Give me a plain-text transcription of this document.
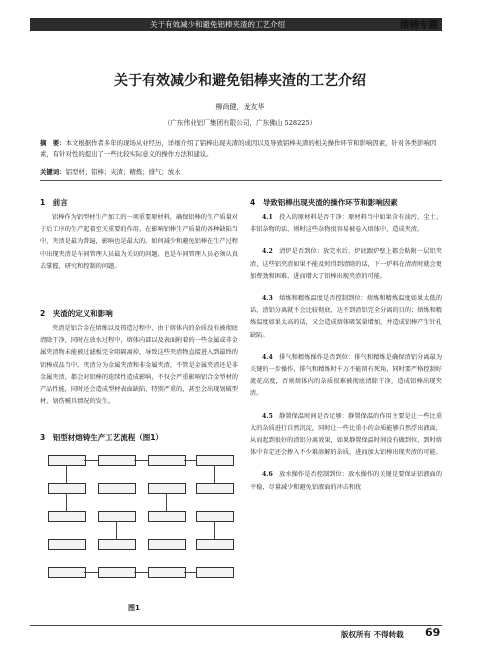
关于有效减少和避免铝棒夹渣的工艺介绍	熔铸专题
关于有效减少和避免铝棒夹渣的工艺介绍
柳尚健，龙友华
（广东伟业铝厂集团有限公司，广东佛山 528225）
摘　要：本文根据作者多年的现场从业经历，详细介绍了铝棒出现夹渣的成因以及导致铝棒夹渣的相关操作环节和影响因素，针对各类影响因素，有针对性的提出了一些比较实际意义的操作方法和建议。
关键词：铝型材；铝棒；夹渣；精炼；排气；放水
1　前言

铝棒作为铝型材生产加工的一项重要原材料，确保铝棒的生产质量对于后工序的生产起着至关重要的作用。在影响铝棒生产质量的各种缺陷当中，夹渣是最为普遍，影响也是最大的。如何减少和避免铝棒在生产过程中出现夹渣是车间管理人员最为关切的问题，也是车间管理人员必须认真去掌握、研究和控制的问题。

2　夹渣的定义和影响

夹渣是铝合金在熔炼以及铸造过程中，由于熔体内的杂质没有被彻底清除干净，同时在放水过程中，熔体内部以及表面附着的一些金属或非金属夹渣物未能被过滤板完全阻隔离掉，导致这些夹渣物直接进入到最终的铝棒成品当中。夹渣分为金属夹渣和非金属夹渣，不管是金属夹渣还是非金属夹渣，都会对铝棒的连续性造成影响，不仅会严重影响铝合金型材的产品性能，同时还会造成型材表面缺陷，特别严重的，甚至会出现划破型材、划伤模具情况的发生。

3　铝型材熔铸生产工艺流程（图1）
图1
4　导致铝棒出现夹渣的操作环节和影响因素

4.1　 投入的原材料是否干净：原材料当中如果含有油污、尘土、非铝杂物的话，则时这些杂物很容易被卷入熔体中，造成夹渣。

4.2　 清炉是否到位：放完水后，炉底跟炉壁上都会粘附一层铝夹渣，这些铝夹渣如果不能及时得到清除的话，下一炉料在清渣时就会更加费劲和困难，进而增大了铝棒出现夹渣的可能。

4.3　 熔炼和精炼温度是否控制到位：熔炼和精炼温度如果太低的话，渣铝分离就不会比较彻底，达不到渣铝完全分离的目的；熔炼和精炼温度如果太高的话，又会造成熔体吸氢量增加，并造成铝棒产生针孔缺陷。

4.4　 排气和精炼操作是否到位：排气和精炼是确保渣铝分离最为关键的一步操作，排气和精炼时千万不能留有死角，同时要严格控制好流花高度，否则熔体内的杂质很难被彻底清除干净，造成铝棒出现夹渣。

4.5　 静置保温时间是否足够：静置保温的作用主要是让一些比重大的杂质进行自然沉淀，同时让一些比重小的杂质能够自然浮出液面，从而起到很好的渣铝分离效果，如果静置保温时间没有做到位，到时熔体中肯定还会掺入不少难溶解的杂质，进而加大铝棒出现夹渣的可能。

4.6　 放水操作是否控制到位：放水操作的关键是要保证铝液面的平稳，尽量减少和避免铝液面的冲击和扰

版权所有 不得转载 69
